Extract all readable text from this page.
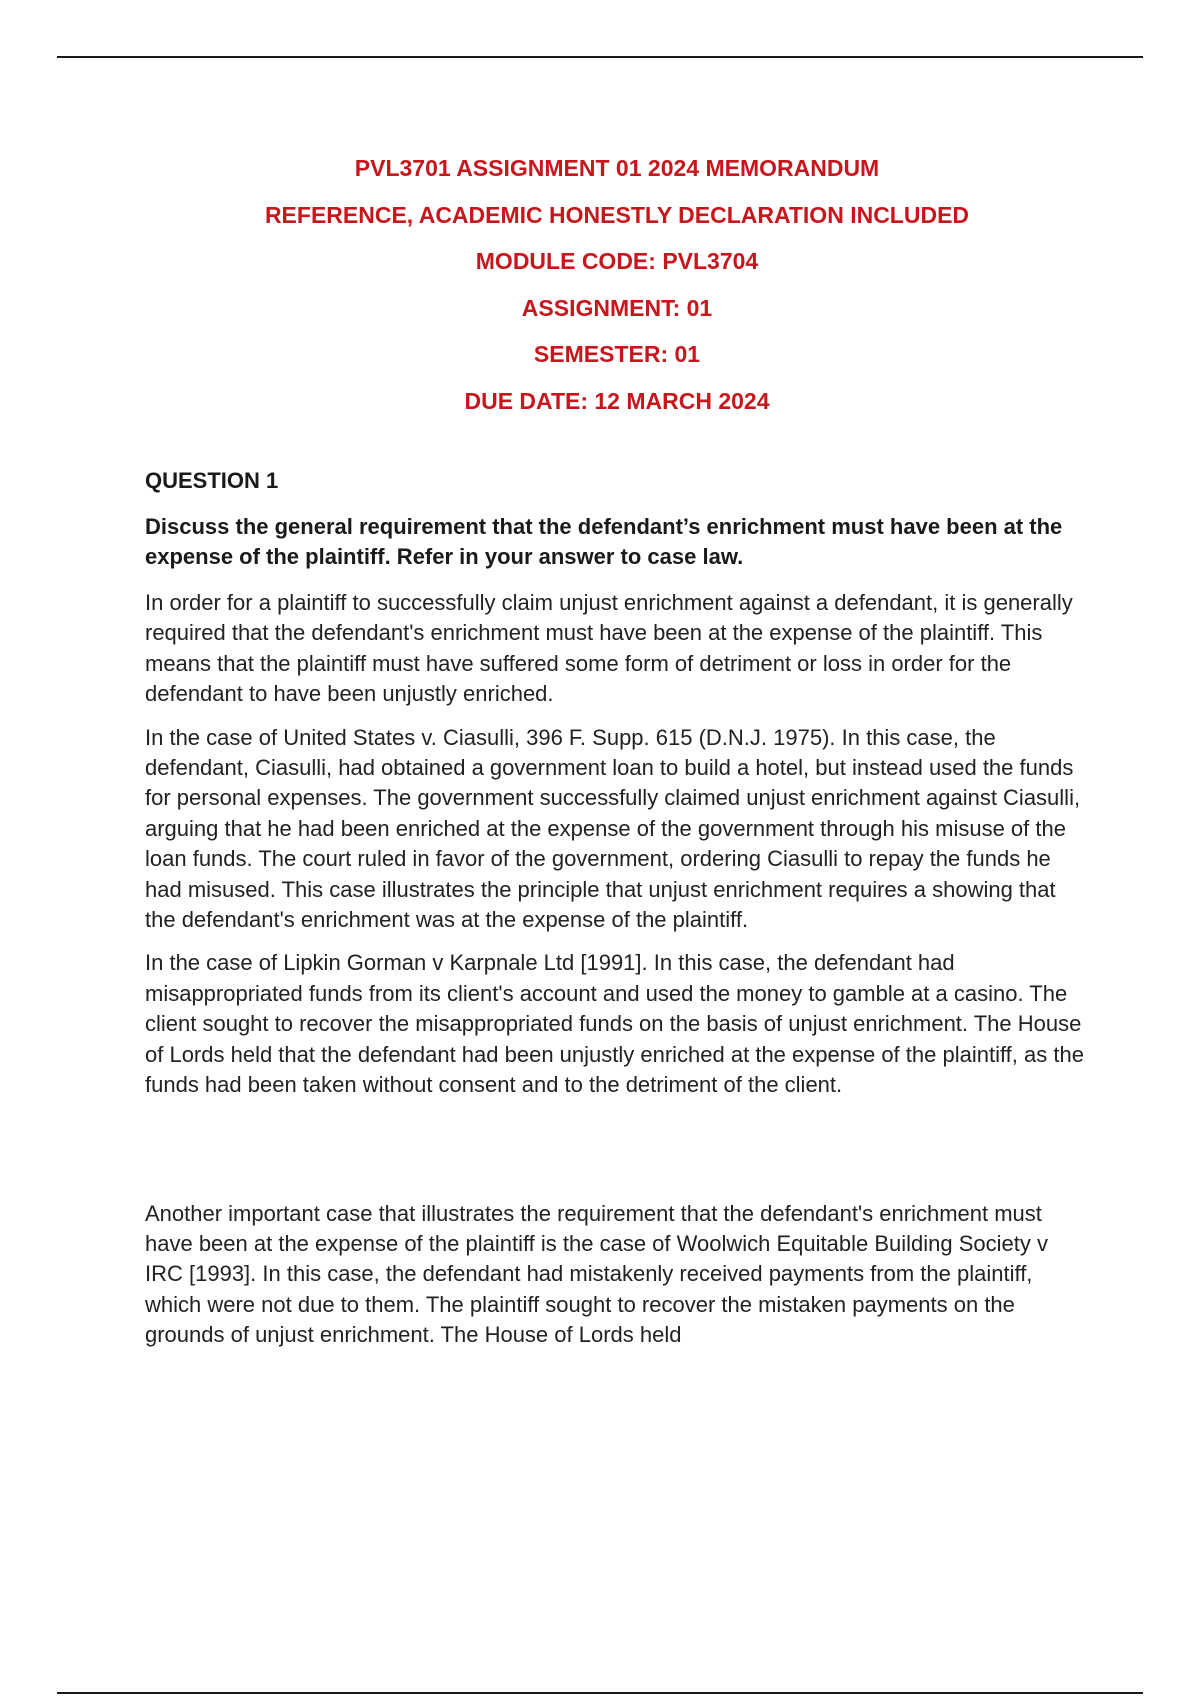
PVL3701 ASSIGNMENT 01 2024 MEMORANDUM

REFERENCE, ACADEMIC HONESTLY DECLARATION INCLUDED

MODULE CODE: PVL3704

ASSIGNMENT: 01

SEMESTER: 01

DUE DATE: 12 MARCH 2024

QUESTION 1

Discuss the general requirement that the defendant’s enrichment must have been at the expense of the plaintiff. Refer in your answer to case law.

In order for a plaintiff to successfully claim unjust enrichment against a defendant, it is generally required that the defendant's enrichment must have been at the expense of the plaintiff. This means that the plaintiff must have suffered some form of detriment or loss in order for the defendant to have been unjustly enriched.

In the case of United States v. Ciasulli, 396 F. Supp. 615 (D.N.J. 1975). In this case, the defendant, Ciasulli, had obtained a government loan to build a hotel, but instead used the funds for personal expenses. The government successfully claimed unjust enrichment against Ciasulli, arguing that he had been enriched at the expense of the government through his misuse of the loan funds. The court ruled in favor of the government, ordering Ciasulli to repay the funds he had misused. This case illustrates the principle that unjust enrichment requires a showing that the defendant's enrichment was at the expense of the plaintiff.

In the case of Lipkin Gorman v Karpnale Ltd [1991]. In this case, the defendant had misappropriated funds from its client's account and used the money to gamble at a casino. The client sought to recover the misappropriated funds on the basis of unjust enrichment. The House of Lords held that the defendant had been unjustly enriched at the expense of the plaintiff, as the funds had been taken without consent and to the detriment of the client.

Another important case that illustrates the requirement that the defendant's enrichment must have been at the expense of the plaintiff is the case of Woolwich Equitable Building Society v IRC [1993]. In this case, the defendant had mistakenly received payments from the plaintiff, which were not due to them. The plaintiff sought to recover the mistaken payments on the grounds of unjust enrichment. The House of Lords held
